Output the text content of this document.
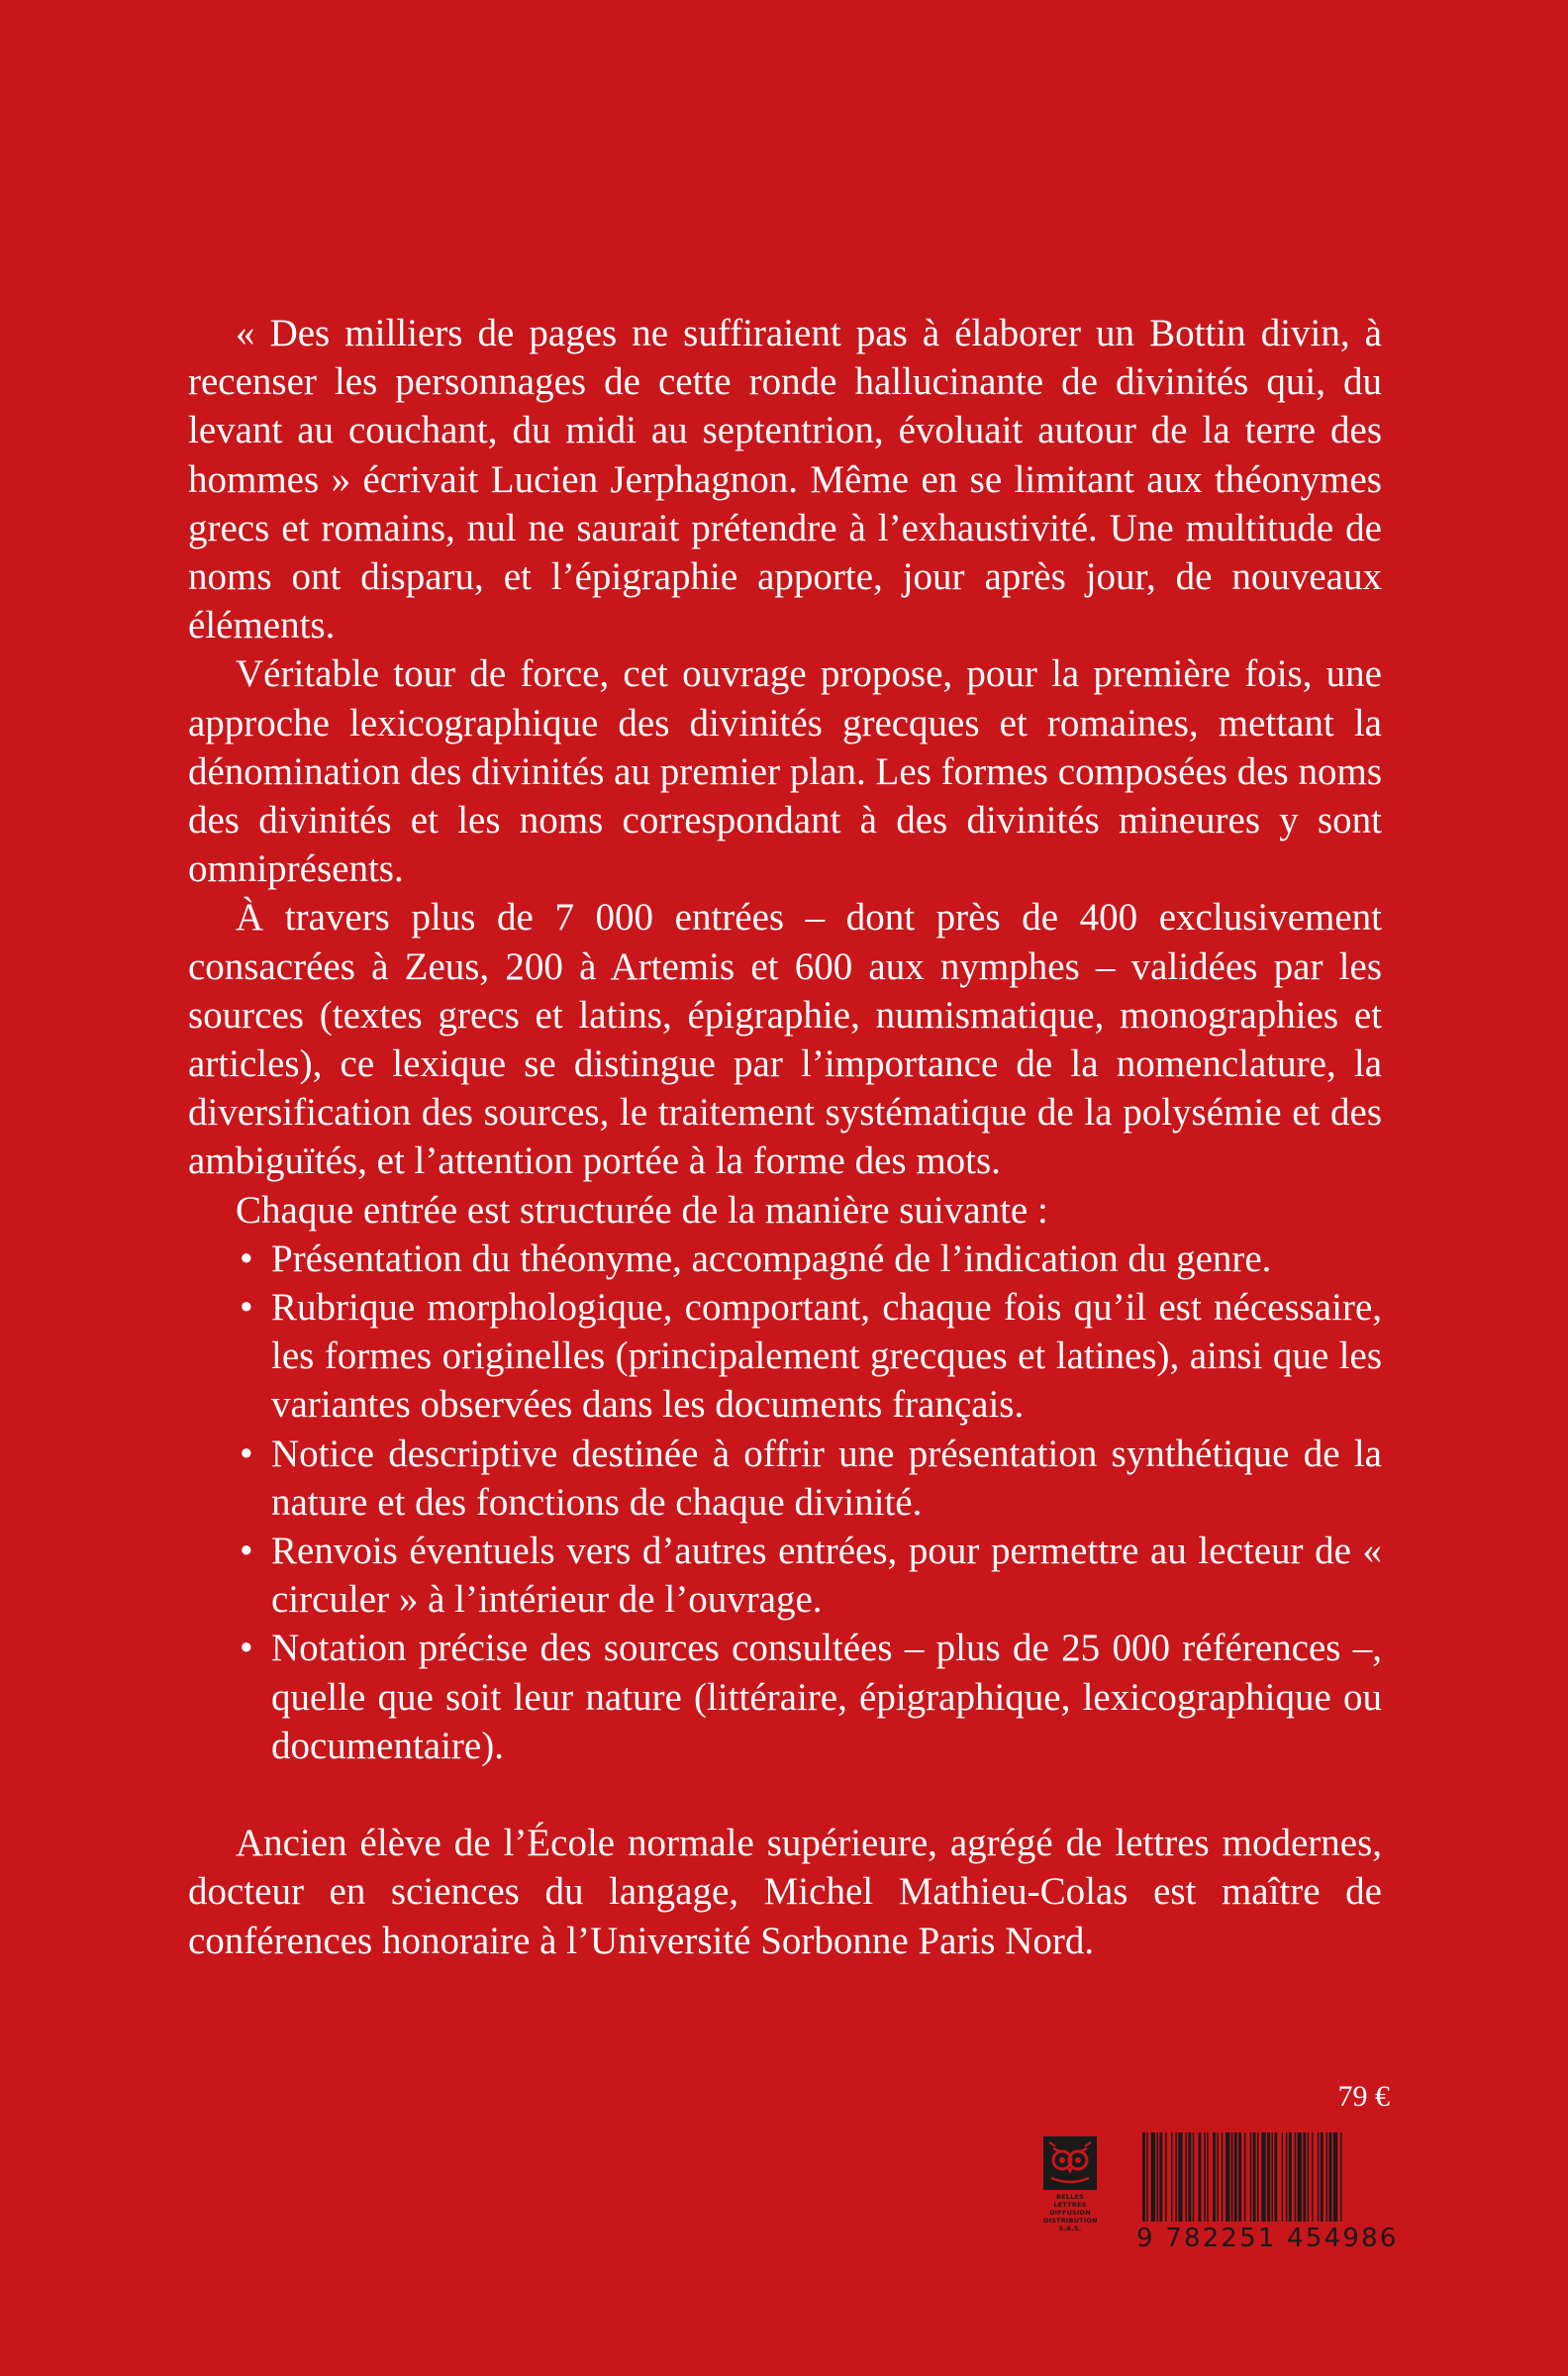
« Des milliers de pages ne suffiraient pas à élaborer un Bottin divin, à recenser les personnages de cette ronde hallucinante de divinités qui, du levant au couchant, du midi au septentrion, évoluait autour de la terre des hommes » écrivait Lucien Jerphagnon. Même en se limitant aux théonymes grecs et romains, nul ne saurait prétendre à l’exhaustivité. Une multitude de noms ont disparu, et l’épigraphie apporte, jour après jour, de nouveaux éléments.

Véritable tour de force, cet ouvrage propose, pour la première fois, une approche lexicographique des divinités grecques et romaines, mettant la dénomination des divinités au premier plan. Les formes composées des noms des divinités et les noms correspondant à des divinités mineures y sont omniprésents.

À travers plus de 7 000 entrées – dont près de 400 exclusivement consacrées à Zeus, 200 à Artemis et 600 aux nymphes – validées par les sources (textes grecs et latins, épigraphie, numismatique, monographies et articles), ce lexique se distingue par l’importance de la nomenclature, la diversification des sources, le traitement systématique de la polysémie et des ambiguïtés, et l’attention portée à la forme des mots.

Chaque entrée est structurée de la manière suivante :

• Présentation du théonyme, accompagné de l’indication du genre.
• Rubrique morphologique, comportant, chaque fois qu’il est nécessaire, les formes originelles (principalement grecques et latines), ainsi que les variantes observées dans les documents français.
• Notice descriptive destinée à offrir une présentation synthétique de la nature et des fonctions de chaque divinité.
• Renvois éventuels vers d’autres entrées, pour permettre au lecteur de « circuler » à l’intérieur de l’ouvrage.
• Notation précise des sources consultées – plus de 25 000 références –, quelle que soit leur nature (littéraire, épigraphique, lexicographique ou documentaire).

Ancien élève de l’École normale supérieure, agrégé de lettres modernes, docteur en sciences du langage, Michel Mathieu-Colas est maître de conférences honoraire à l’Université Sorbonne Paris Nord.

79 €
BELLES LETTRES
DIFFUSION
DISTRIBUTION
S.A.S.	9 782251 454986
